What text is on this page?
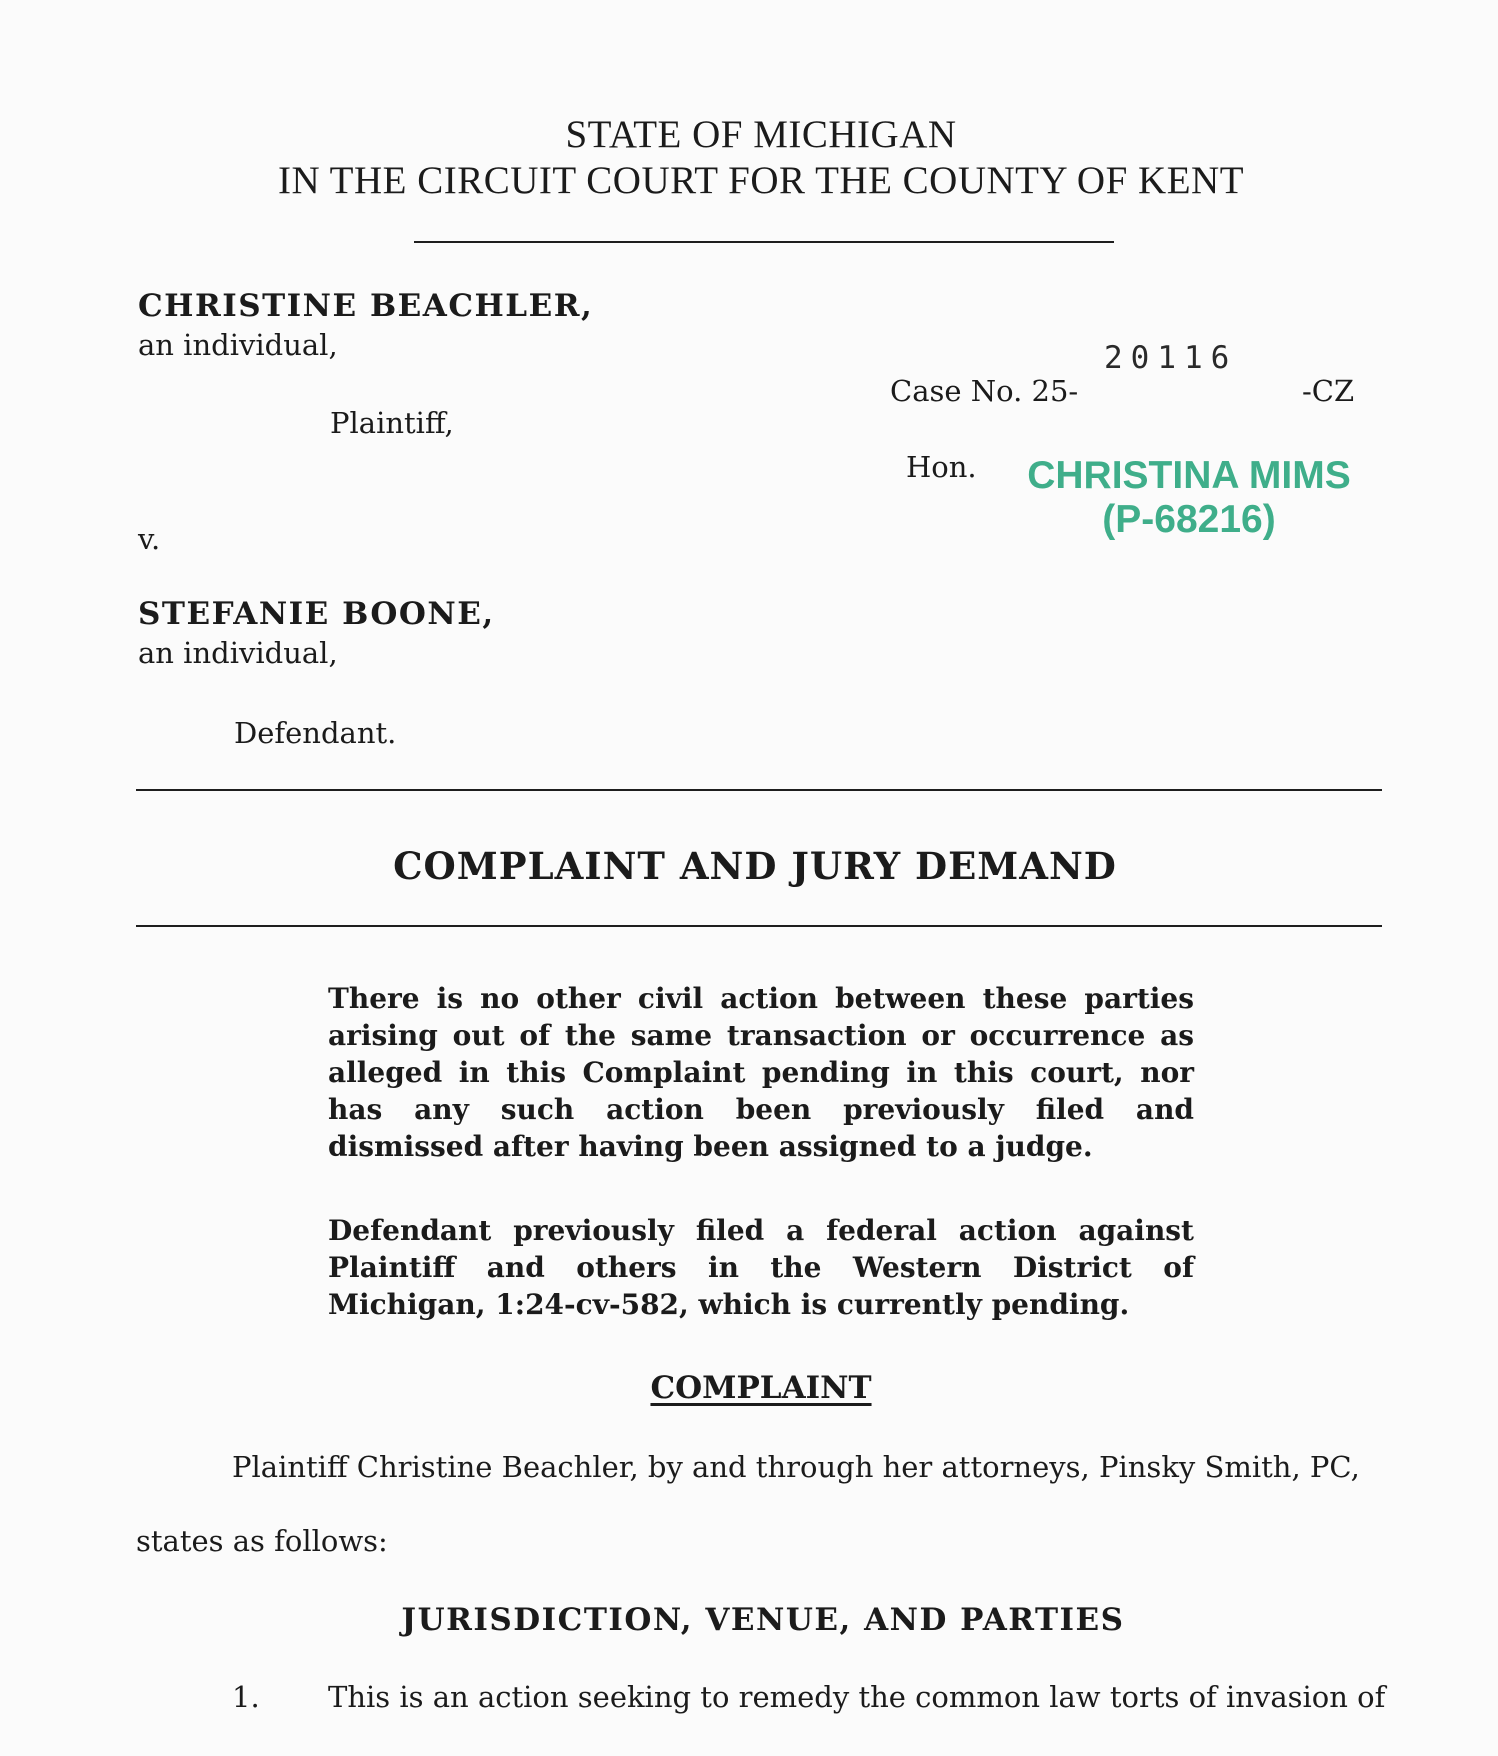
STATE OF MICHIGAN
IN THE CIRCUIT COURT FOR THE COUNTY OF KENT
CHRISTINE BEACHLER,
an individual,
Plaintiff,
Case No. 25-
20116
-CZ
Hon. CHRISTINA MIMS
(P-68216)
v.
STEFANIE BOONE,
an individual,
Defendant.
COMPLAINT AND JURY DEMAND
There is no other civil action between these parties arising out of the same transaction or occurrence as alleged in this Complaint pending in this court, nor has any such action been previously filed and dismissed after having been assigned to a judge.
Defendant previously filed a federal action against Plaintiff and others in the Western District of Michigan, 1:24-cv-582, which is currently pending.
COMPLAINT
Plaintiff Christine Beachler, by and through her attorneys, Pinsky Smith, PC,
states as follows:
JURISDICTION, VENUE, AND PARTIES
1. This is an action seeking to remedy the common law torts of invasion of
